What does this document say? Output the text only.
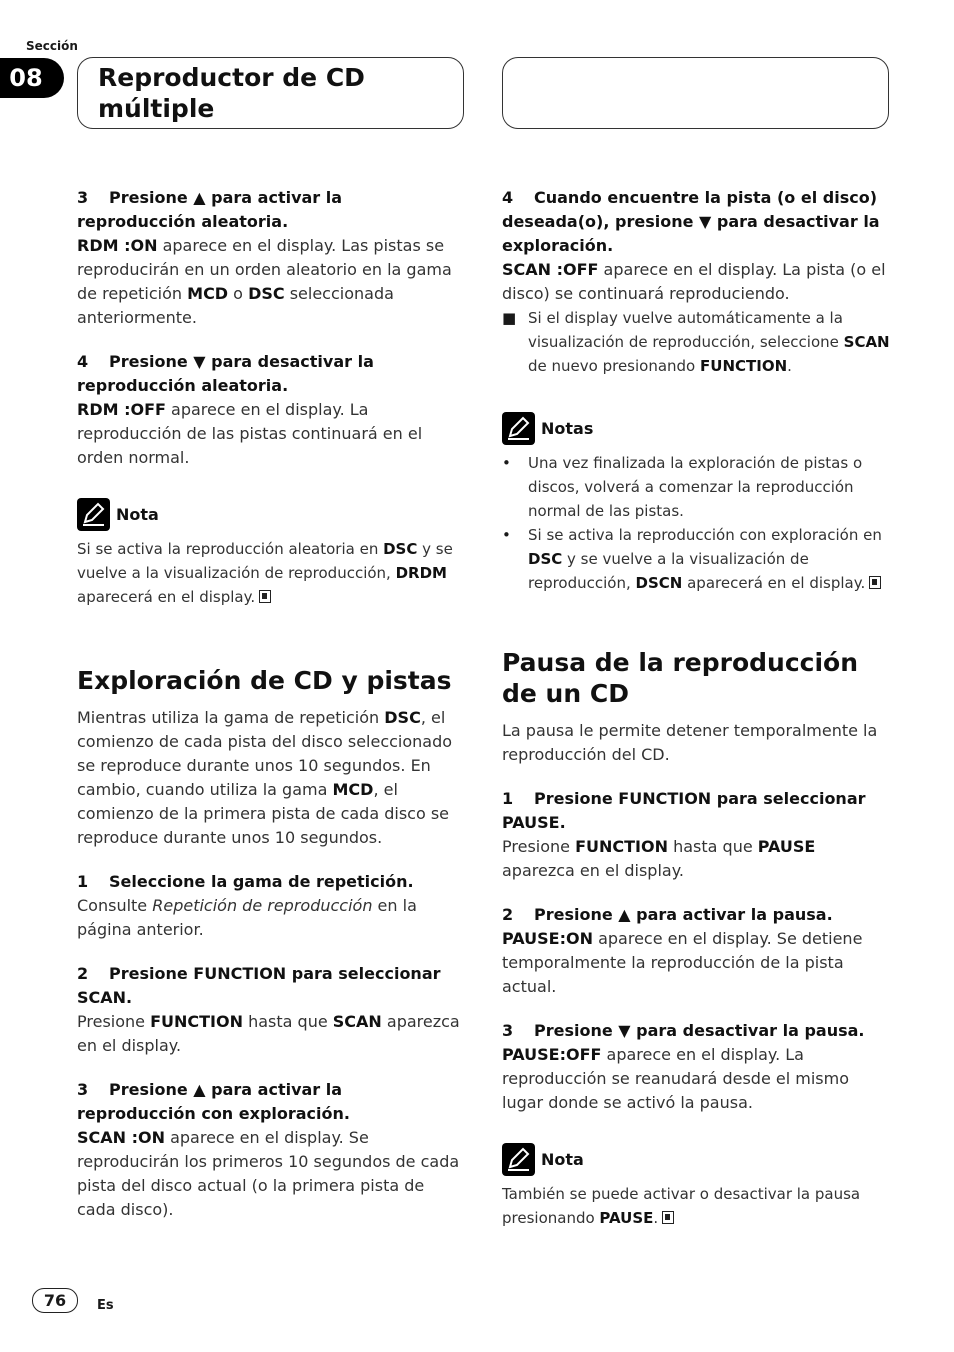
Sección
08	Reproductor de CD múltiple

3 Presione ▲ para activar la reproducción aleatoria.

RDM :ON aparece en el display. Las pistas se reproducirán en un orden aleatorio en la gama de repetición MCD o DSC seleccionada anteriormente.

4 Presione ▼ para desactivar la reproducción aleatoria.

RDM :OFF aparece en el display. La reproducción de las pistas continuará en el orden normal.

Nota

Si se activa la reproducción aleatoria en DSC y se vuelve a la visualización de reproducción, DRDM aparecerá en el display.

Exploración de CD y pistas

Mientras utiliza la gama de repetición DSC, el comienzo de cada pista del disco seleccionado se reproduce durante unos 10 segundos. En cambio, cuando utiliza la gama MCD, el comienzo de la primera pista de cada disco se reproduce durante unos 10 segundos.

1 Seleccione la gama de repetición.

Consulte Repetición de reproducción en la página anterior.

2 Presione FUNCTION para seleccionar SCAN.

Presione FUNCTION hasta que SCAN aparezca en el display.

3 Presione ▲ para activar la reproducción con exploración.

SCAN :ON aparece en el display. Se reproducirán los primeros 10 segundos de cada pista del disco actual (o la primera pista de cada disco).

4 Cuando encuentre la pista (o el disco) deseada(o), presione ▼ para desactivar la exploración.

SCAN :OFF aparece en el display. La pista (o el disco) se continuará reproduciendo.

■ Si el display vuelve automáticamente a la visualización de reproducción, seleccione SCAN de nuevo presionando FUNCTION.

Notas
•	Una vez finalizada la exploración de pistas o discos, volverá a comenzar la reproducción normal de las pistas.

•	Si se activa la reproducción con exploración en DSC y se vuelve a la visualización de reproducción, DSCN aparecerá en el display.

Pausa de la reproducción de un CD

La pausa le permite detener temporalmente la reproducción del CD.

1 Presione FUNCTION para seleccionar PAUSE.

Presione FUNCTION hasta que PAUSE aparezca en el display.

2 Presione ▲ para activar la pausa.

PAUSE:ON aparece en el display. Se detiene temporalmente la reproducción de la pista actual.

3 Presione ▼ para desactivar la pausa.

PAUSE:OFF aparece en el display. La reproducción se reanudará desde el mismo lugar donde se activó la pausa.

Nota

También se puede activar o desactivar la pausa presionando PAUSE.

76	Es
